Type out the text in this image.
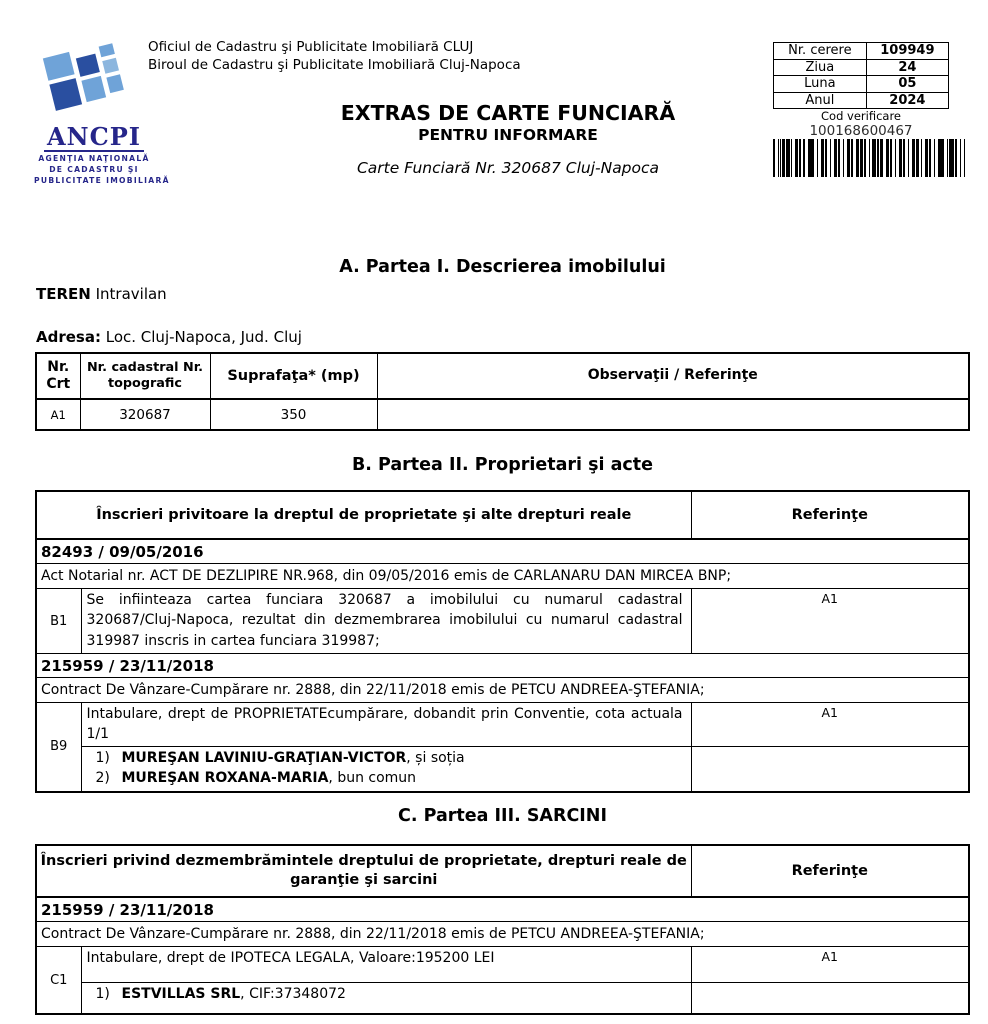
ANCPI
AGENŢIA NAŢIONALĂ
DE CADASTRU ŞI
PUBLICITATE IMOBILIARĂ
Oficiul de Cadastru şi Publicitate Imobiliară CLUJ
Biroul de Cadastru şi Publicitate Imobiliară Cluj-Napoca
EXTRAS DE CARTE FUNCIARĂ
PENTRU INFORMARE
Carte Funciară Nr. 320687 Cluj-Napoca
Nr. cerere	109949
Ziua	24
Luna	05
Anul	2024
Cod verificare
100168600467
A. Partea I. Descrierea imobilului
TEREN Intravilan
Adresa: Loc. Cluj-Napoca, Jud. Cluj
Nr. Crt	Nr. cadastral Nr. topografic	Suprafaţa* (mp)	Observaţii / Referinţe
A1	320687	350	
B. Partea II. Proprietari şi acte
Înscrieri privitoare la dreptul de proprietate şi alte drepturi reale		Referinţe
82493 / 09/05/2016		
Act Notarial nr. ACT DE DEZLIPIRE NR.968, din 09/05/2016 emis de CARLANARU DAN MIRCEA BNP;		
B1	Se infiinteaza cartea funciara 320687 a imobilului cu numarul cadastral 320687/Cluj-Napoca, rezultat din dezmembrarea imobilului cu numarul cadastral 319987 inscris in cartea funciara 319987;	A1
215959 / 23/11/2018		
Contract De Vânzare-Cumpărare nr. 2888, din 22/11/2018 emis de PETCU ANDREEA-ŞTEFANIA;		
B9	Intabulare, drept de PROPRIETATEcumpărare, dobandit prin Conventie, cota actuala 1/1	A1

	1) MUREŞAN LAVINIU-GRAŢIAN-VICTOR, și soția
2) MUREŞAN ROXANA-MARIA, bun comun	

C. Partea III. SARCINI
Înscrieri privind dezmembrămintele dreptului de proprietate, drepturi reale de garanţie şi sarcini		Referinţe
215959 / 23/11/2018		
Contract De Vânzare-Cumpărare nr. 2888, din 22/11/2018 emis de PETCU ANDREEA-ŞTEFANIA;		
C1	Intabulare, drept de IPOTECA LEGALA, Valoare:195200 LEI	A1

	1) ESTVILLAS SRL, CIF:37348072	
